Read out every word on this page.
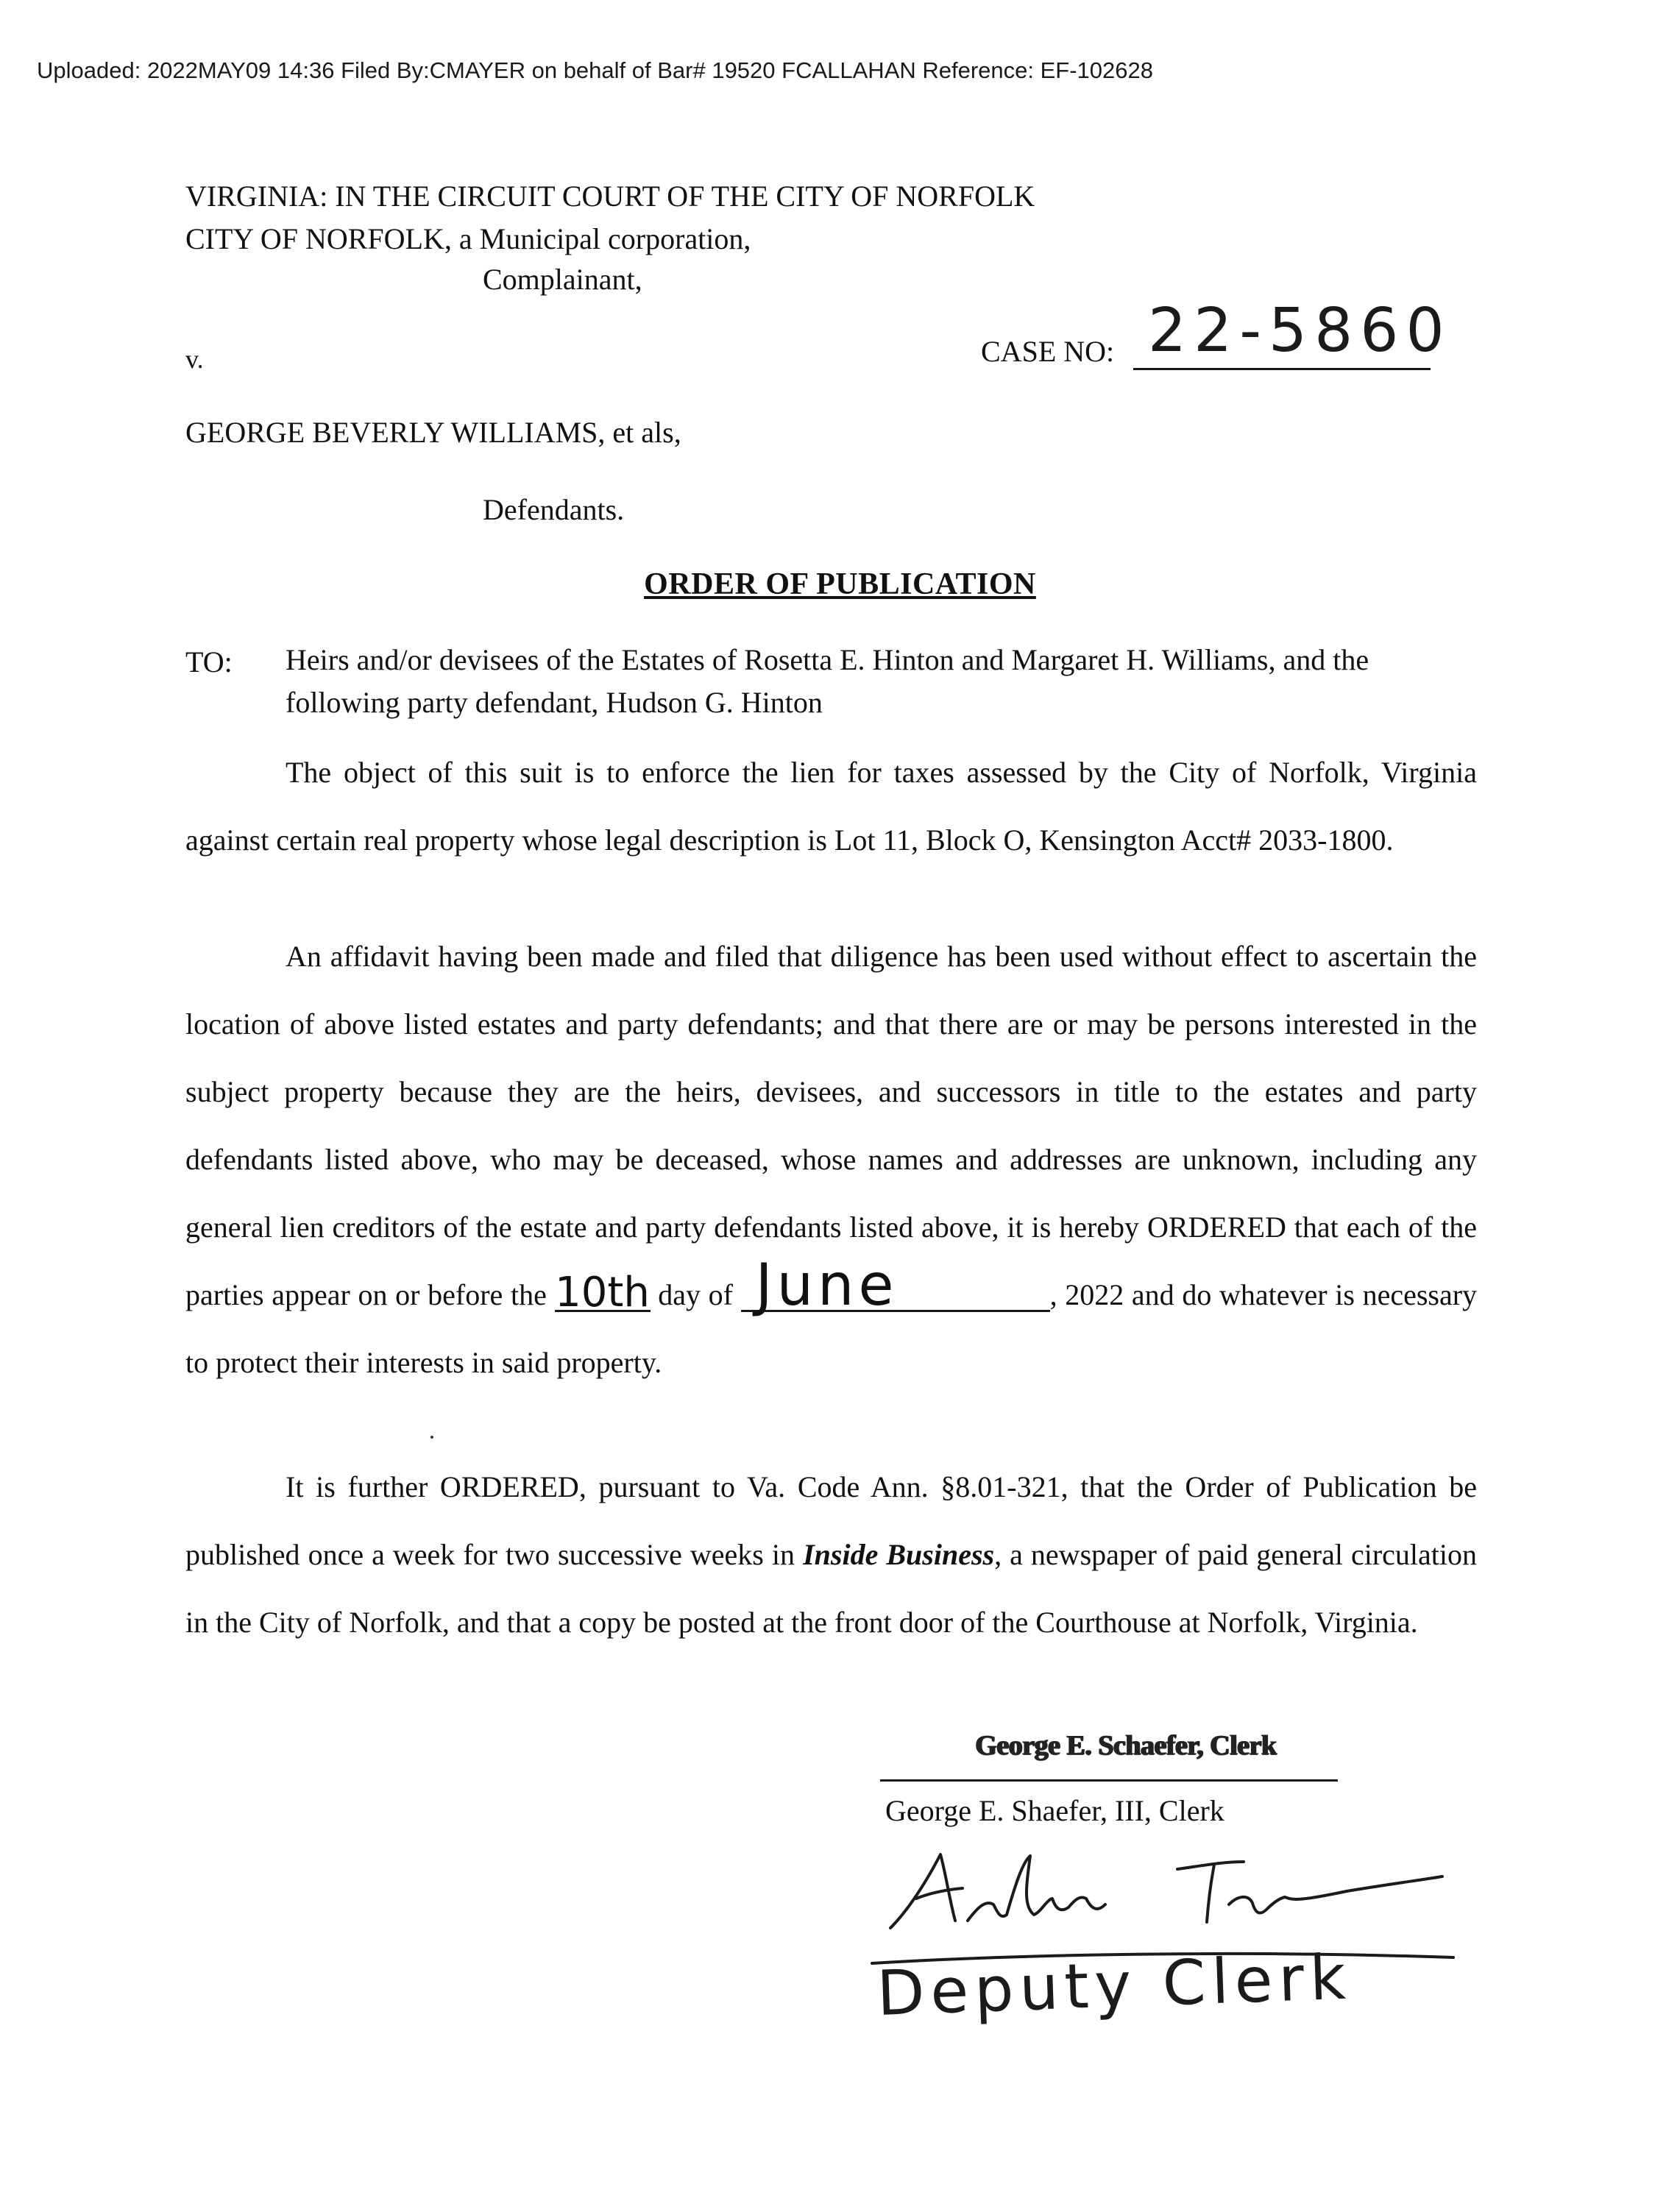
Uploaded: 2022MAY09 14:36 Filed By:CMAYER on behalf of Bar# 19520 FCALLAHAN Reference: EF-102628
VIRGINIA: IN THE CIRCUIT COURT OF THE CITY OF NORFOLK
CITY OF NORFOLK, a Municipal corporation,
Complainant,
v.	CASE NO: 22-5860
GEORGE BEVERLY WILLIAMS, et als,
Defendants.
ORDER OF PUBLICATION
TO: Heirs and/or devisees of the Estates of Rosetta E. Hinton and Margaret H. Williams, and the following party defendant, Hudson G. Hinton
The object of this suit is to enforce the lien for taxes assessed by the City of Norfolk, Virginia against certain real property whose legal description is Lot 11, Block O, Kensington Acct# 2033-1800.
An affidavit having been made and filed that diligence has been used without effect to ascertain the location of above listed estates and party defendants; and that there are or may be persons interested in the subject property because they are the heirs, devisees, and successors in title to the estates and party defendants listed above, who may be deceased, whose names and addresses are unknown, including any general lien creditors of the estate and party defendants listed above, it is hereby ORDERED that each of the parties appear on or before the 10th day of June	, 2022 and do whatever is necessary to protect their interests in said property.
It is further ORDERED, pursuant to Va. Code Ann. §8.01-321, that the Order of Publication be published once a week for two successive weeks in Inside Business, a newspaper of paid general circulation in the City of Norfolk, and that a copy be posted at the front door of the Courthouse at Norfolk, Virginia.
George E. Schaefer, Clerk
George E. Shaefer, III, Clerk
Deputy Clerk
